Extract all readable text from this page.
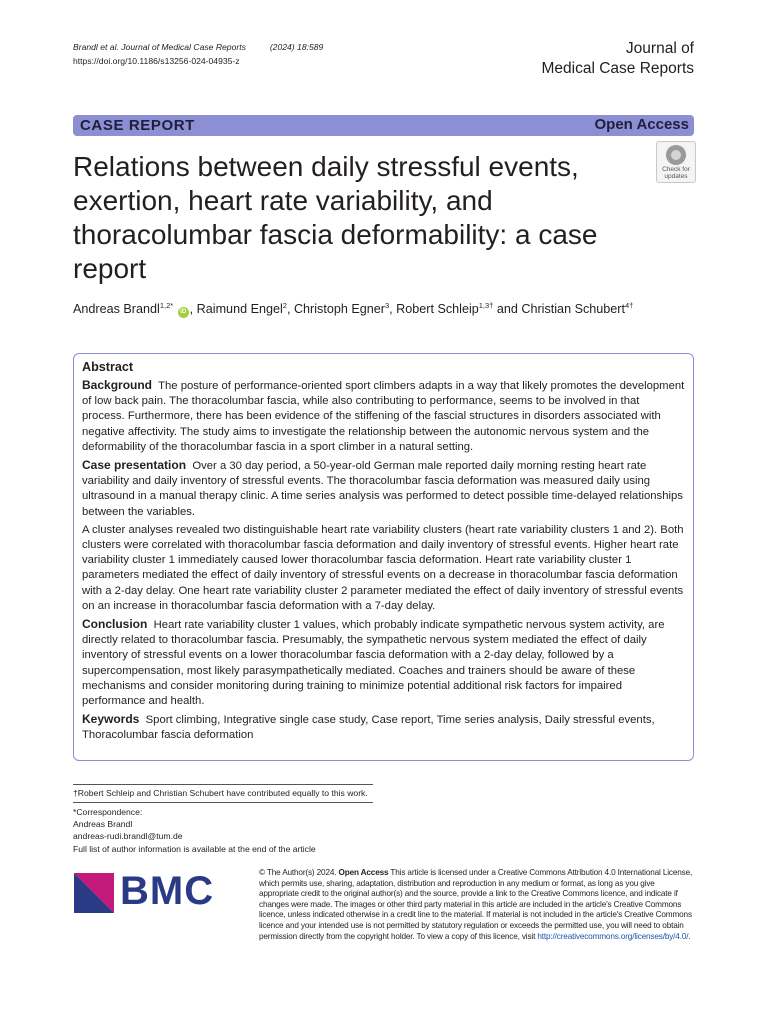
Brandl et al. Journal of Medical Case Reports	(2024) 18:589
https://doi.org/10.1186/s13256-024-04935-z
Journal of
Medical Case Reports
CASE REPORT	Open Access
Relations between daily stressful events, exertion, heart rate variability, and thoracolumbar fascia deformability: a case report
Check for
updates
Andreas Brandl$^{1,2*}$ iD , Raimund Engel$^2$, Christoph Egner$^3$, Robert Schleip$^{1,3\dagger}$ and Christian Schubert$^{4\dagger}$
Abstract

Background The posture of performance-oriented sport climbers adapts in a way that likely promotes the development of low back pain. The thoracolumbar fascia, while also contributing to performance, seems to be involved in that process. Furthermore, there has been evidence of the stiffening of the fascial structures in disorders associated with negative affectivity. The study aims to investigate the relationship between the autonomic nervous system and the deformability of the thoracolumbar fascia in a sport climber in a natural setting.

Case presentation Over a 30 day period, a 50-year-old German male reported daily morning resting heart rate variability and daily inventory of stressful events. The thoracolumbar fascia deformation was measured daily using ultrasound in a manual therapy clinic. A time series analysis was performed to detect possible time-delayed relationships between the variables.

A cluster analyses revealed two distinguishable heart rate variability clusters (heart rate variability clusters 1 and 2). Both clusters were correlated with thoracolumbar fascia deformation and daily inventory of stressful events. Higher heart rate variability cluster 1 immediately caused lower thoracolumbar fascia deformation. Heart rate variability cluster 1 parameters mediated the effect of daily inventory of stressful events on a decrease in thoracolumbar fascia deformation with a 2-day delay. One heart rate variability cluster 2 parameter mediated the effect of daily inventory of stressful events on an increase in thoracolumbar fascia deformation with a 7-day delay.

Conclusion Heart rate variability cluster 1 values, which probably indicate sympathetic nervous system activity, are directly related to thoracolumbar fascia. Presumably, the sympathetic nervous system mediated the effect of daily inventory of stressful events on a lower thoracolumbar fascia deformation with a 2-day delay, followed by a supercompensation, most likely parasympathetically mediated. Coaches and trainers should be aware of these mechanisms and consider monitoring during training to minimize potential additional risk factors for impaired performance and health.

Keywords Sport climbing, Integrative single case study, Case report, Time series analysis, Daily stressful events, Thoracolumbar fascia deformation

†Robert Schleip and Christian Schubert have contributed equally to this work.
*Correspondence:
Andreas Brandl
andreas-rudi.brandl@tum.de
Full list of author information is available at the end of the article
BMC	© The Author(s) 2024. Open Access This article is licensed under a Creative Commons Attribution 4.0 International License, which permits use, sharing, adaptation, distribution and reproduction in any medium or format, as long as you give appropriate credit to the original author(s) and the source, provide a link to the Creative Commons licence, and indicate if changes were made. The images or other third party material in this article are included in the article's Creative Commons licence, unless indicated otherwise in a credit line to the material. If material is not included in the article's Creative Commons licence and your intended use is not permitted by statutory regulation or exceeds the permitted use, you will need to obtain permission directly from the copyright holder. To view a copy of this licence, visit http://creativecommons.org/licenses/by/4.0/.
